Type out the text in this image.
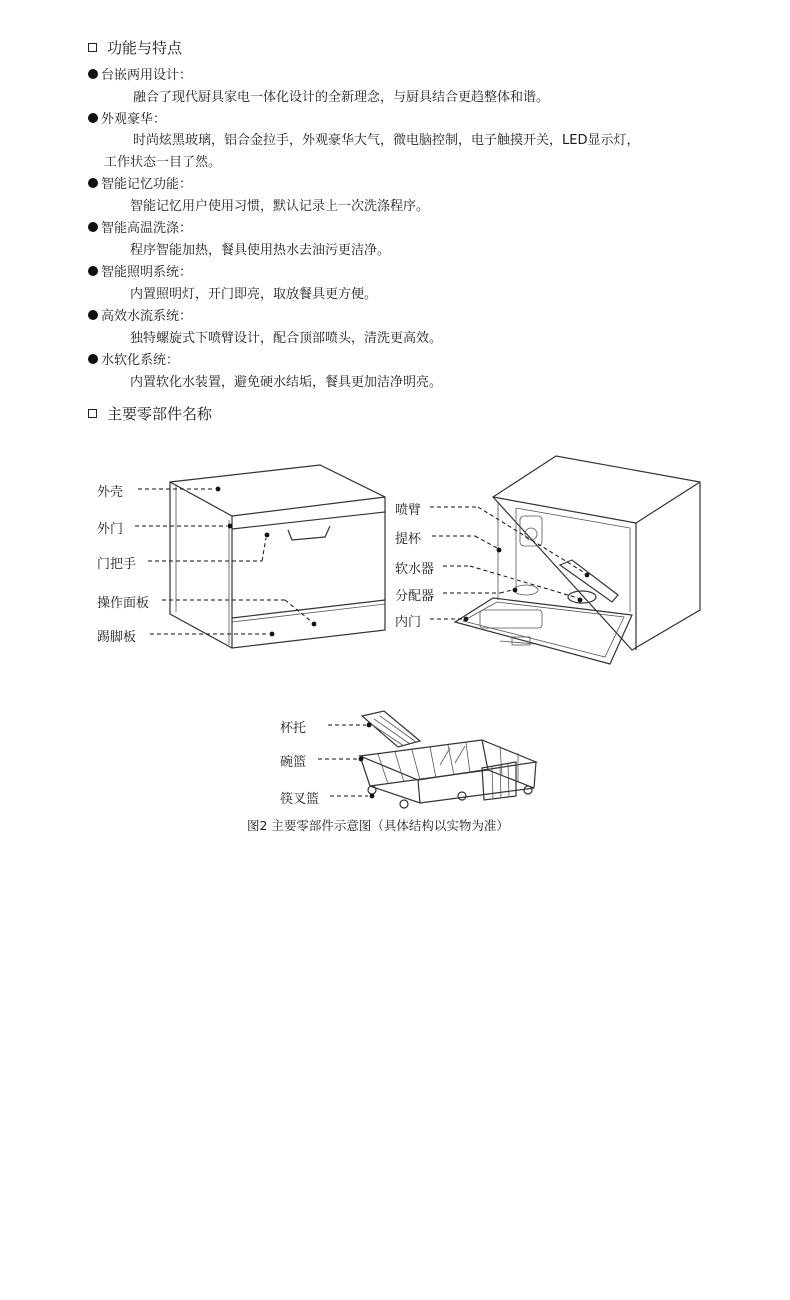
功能与特点
台嵌两用设计：
融合了现代厨具家电一体化设计的全新理念，与厨具结合更趋整体和谐。
外观豪华：
时尚炫黑玻璃，铝合金拉手，外观豪华大气，微电脑控制，电子触摸开关，LED显示灯，
工作状态一目了然。
智能记忆功能：
智能记忆用户使用习惯，默认记录上一次洗涤程序。
智能高温洗涤：
程序智能加热，餐具使用热水去油污更洁净。
智能照明系统：
内置照明灯，开门即亮，取放餐具更方便。
高效水流系统：
独特螺旋式下喷臂设计，配合顶部喷头，清洗更高效。
水软化系统：
内置软化水装置，避免硬水结垢，餐具更加洁净明亮。
主要零部件名称
外壳
外门
门把手
操作面板
踢脚板
喷臂
提杯
软水器
分配器
内门
杯托
碗篮
筷叉篮
图2 主要零部件示意图（具体结构以实物为准）
